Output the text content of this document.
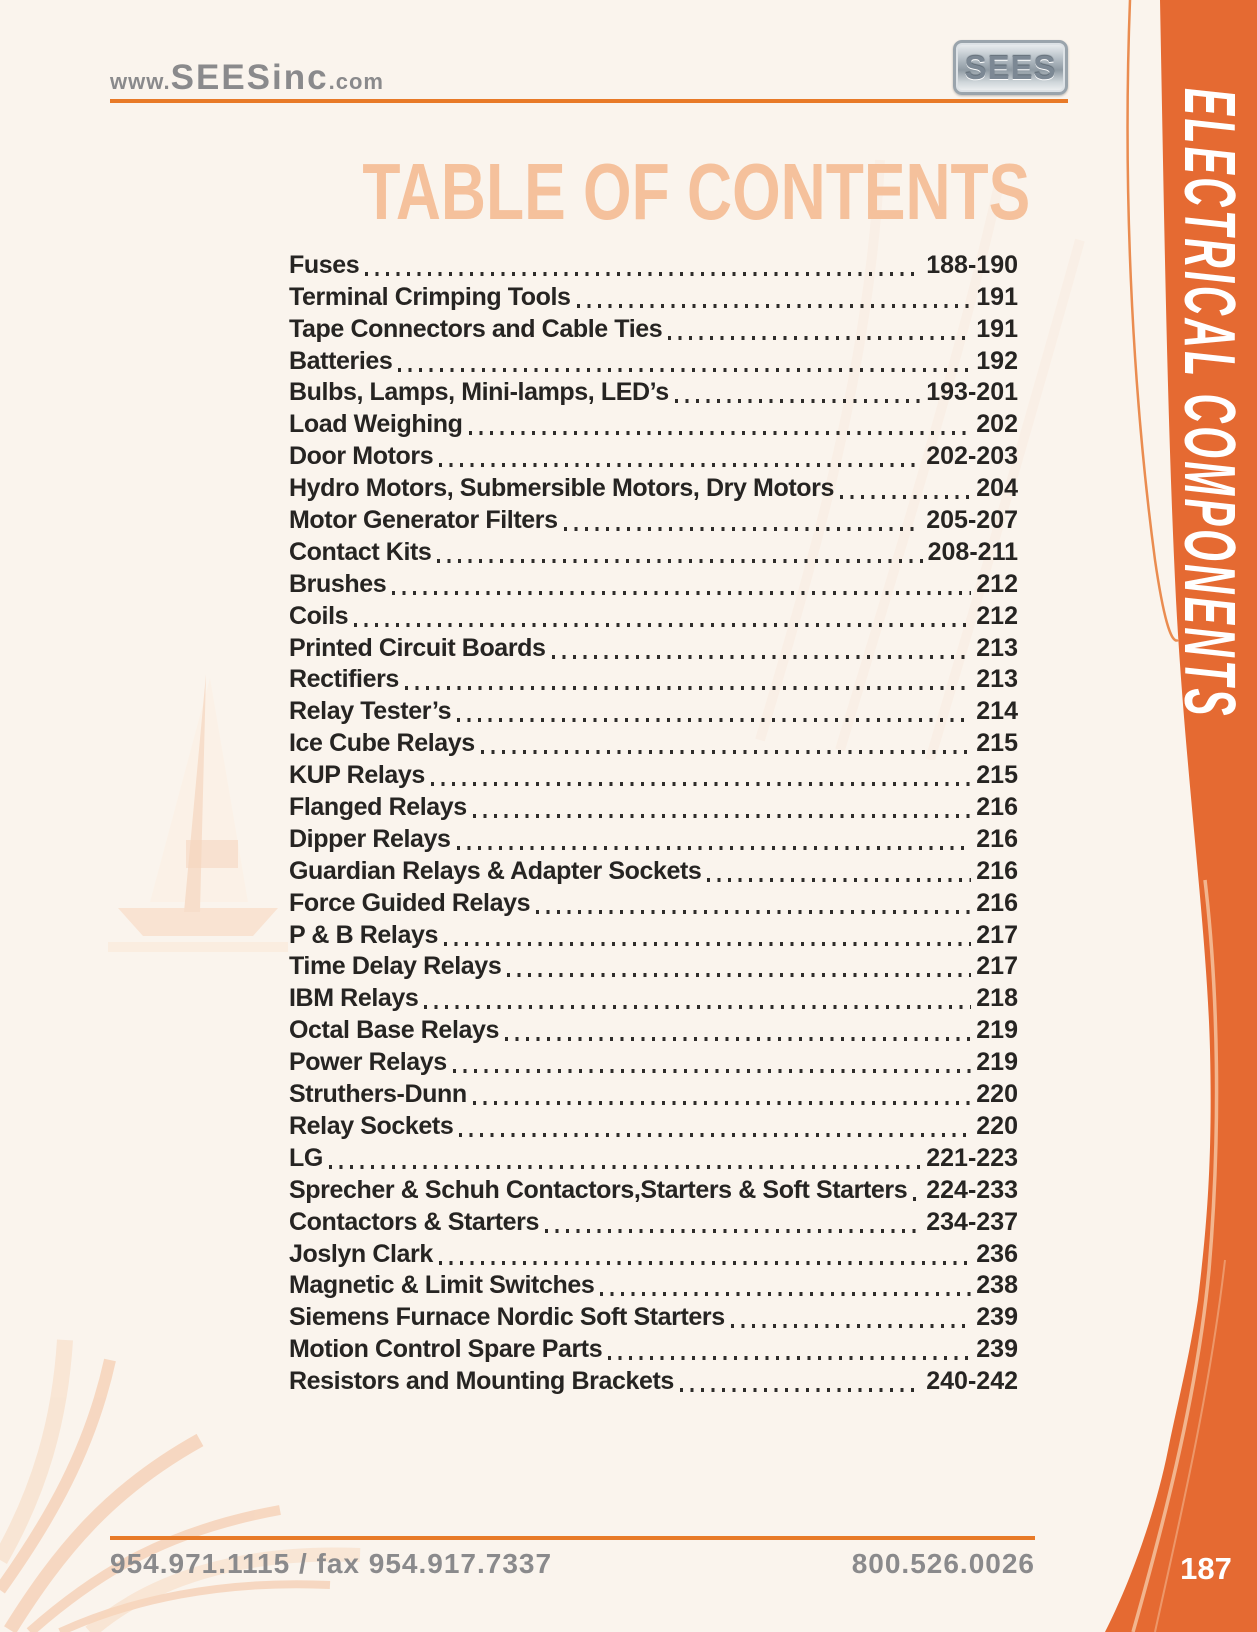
www.SEESinc.com	SEES
TABLE OF CONTENTS
Fuses	188-190
Terminal Crimping Tools	191
Tape Connectors and Cable Ties	191
Batteries	192
Bulbs, Lamps, Mini-lamps, LED’s	193-201
Load Weighing	202
Door Motors	202-203
Hydro Motors, Submersible Motors, Dry Motors	204
Motor Generator Filters	205-207
Contact Kits	208-211
Brushes	212
Coils	212
Printed Circuit Boards	213
Rectifiers	213
Relay Tester’s	214
Ice Cube Relays	215
KUP Relays	215
Flanged Relays	216
Dipper Relays	216
Guardian Relays & Adapter Sockets	216
Force Guided Relays	216
P & B Relays	217
Time Delay Relays	217
IBM Relays	218
Octal Base Relays	219
Power Relays	219
Struthers-Dunn	220
Relay Sockets	220
LG	221-223
Sprecher & Schuh Contactors,Starters & Soft Starters 224-233
Contactors & Starters	234-237
Joslyn Clark	236
Magnetic & Limit Switches	238
Siemens Furnace Nordic Soft Starters	239
Motion Control Spare Parts	239
Resistors and Mounting Brackets	240-242
ELECTRICAL COMPONENTS
187
954.971.1115 / fax 954.917.7337	800.526.0026
